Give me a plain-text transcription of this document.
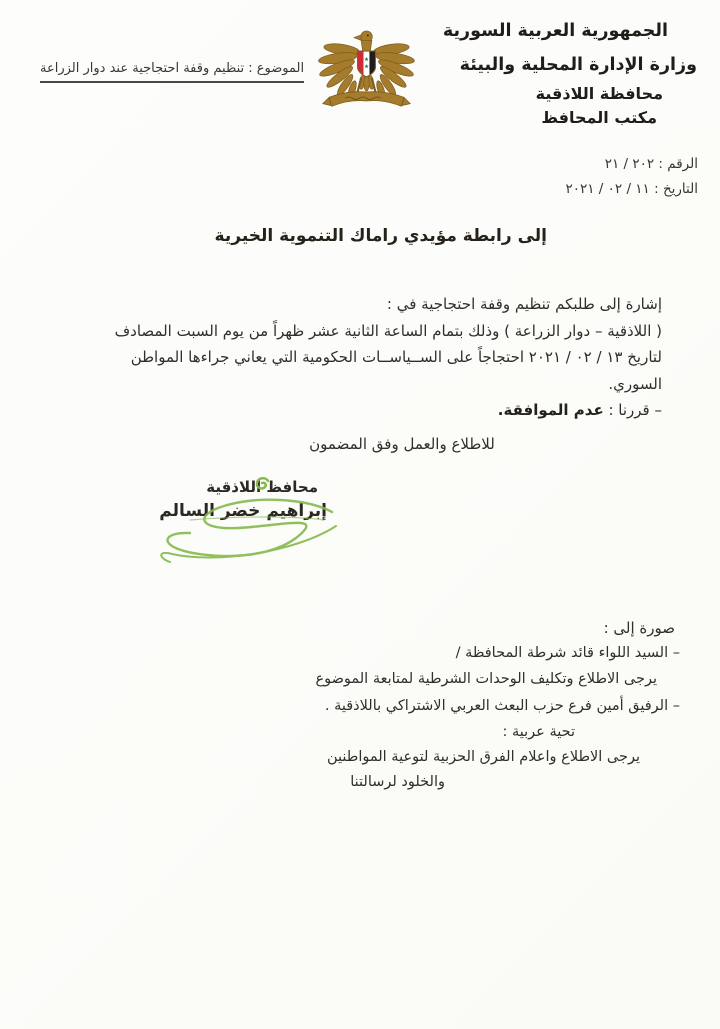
الموضوع : تنظيم وقفة احتجاجية عند دوار الزراعة
الجمهورية العربية السورية
وزارة الإدارة المحلية والبيئة
محافظة اللاذقية
مكتب المحافظ
الرقم : ٢٠٢ / ٢١
التاريخ : ١١ / ٠٢ / ٢٠٢١
إلى رابطة مؤيدي راماك التنموية الخيرية
إشارة إلى طلبكم تنظيم وقفة احتجاجية في :
( اللاذقية – دوار الزراعة ) وذلك بتمام الساعة الثانية عشر ظهراً من يوم السبت المصادف
لتاريخ ١٣ / ٠٢ / ٢٠٢١ احتجاجاً على الســياســات الحكومية التي يعاني جراءها المواطن
السوري.
– قررنا : عدم الموافقة.
للاطلاع والعمل وفق المضمون
محافظ اللاذقية
إبراهيم خضر السالم
صورة إلى :
– السيد اللواء قائد شرطة المحافظة /
يرجى الاطلاع وتكليف الوحدات الشرطية لمتابعة الموضوع
– الرفيق أمين فرع حزب البعث العربي الاشتراكي باللاذقية .
تحية عربية :
يرجى الاطلاع واعلام الفرق الحزبية لتوعية المواطنين
والخلود لرسالتنا
